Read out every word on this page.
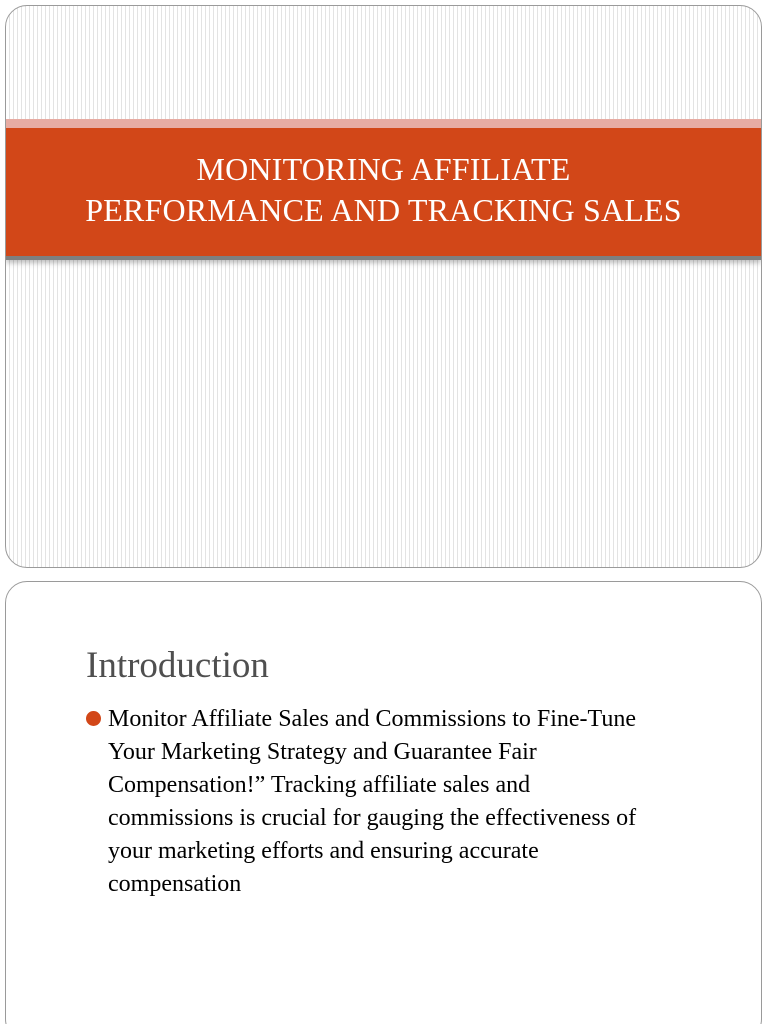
MONITORING AFFILIATE
PERFORMANCE AND TRACKING SALES
Introduction
Monitor Affiliate Sales and Commissions to Fine-Tune
Your Marketing Strategy and Guarantee Fair
Compensation!” Tracking affiliate sales and
commissions is crucial for gauging the effectiveness of
your marketing efforts and ensuring accurate
compensation
